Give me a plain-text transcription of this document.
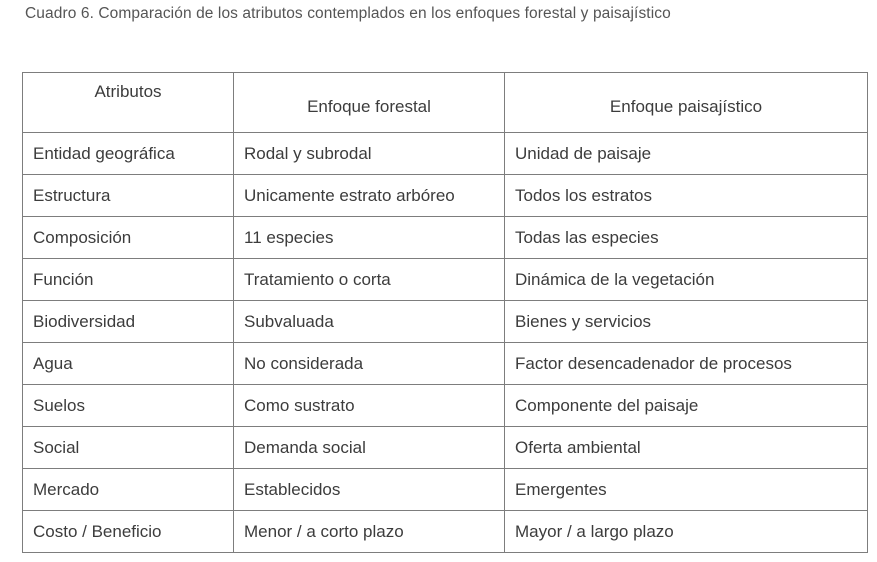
Cuadro 6. Comparación de los atributos contemplados en los enfoques forestal y paisajístico
Atributos	Enfoque forestal	Enfoque paisajístico
Entidad geográfica	Rodal y subrodal	Unidad de paisaje
Estructura	Unicamente estrato arbóreo	Todos los estratos
Composición	11 especies	Todas las especies
Función	Tratamiento o corta	Dinámica de la vegetación
Biodiversidad	Subvaluada	Bienes y servicios
Agua	No considerada	Factor desencadenador de procesos
Suelos	Como sustrato	Componente del paisaje
Social	Demanda social	Oferta ambiental
Mercado	Establecidos	Emergentes
Costo / Beneficio	Menor / a corto plazo	Mayor / a largo plazo
